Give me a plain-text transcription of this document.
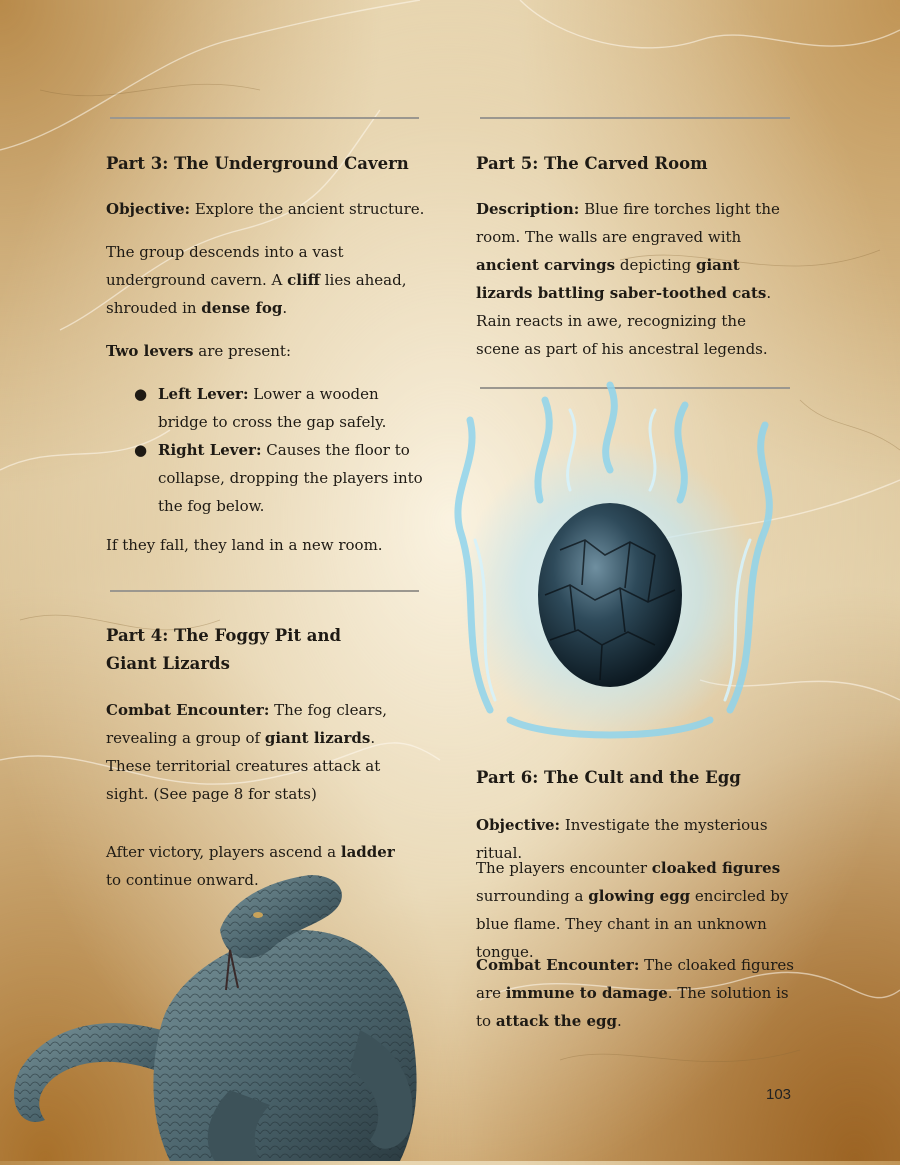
Part 3: The Underground Cavern

Objective: Explore the ancient structure.

The group descends into a vast underground cavern. A cliff lies ahead, shrouded in dense fog.

Two levers are present:

● Left Lever: Lower a wooden bridge to cross the gap safely.
● Right Lever: Causes the floor to collapse, dropping the players into the fog below.

If they fall, they land in a new room.

Part 4: The Foggy Pit and Giant Lizards

Combat Encounter: The fog clears, revealing a group of giant lizards. These territorial creatures attack at sight. (See page 8 for stats)

After victory, players ascend a ladder to continue onward.

Part 5: The Carved Room

Description: Blue fire torches light the room. The walls are engraved with ancient carvings depicting giant lizards battling saber-toothed cats. Rain reacts in awe, recognizing the scene as part of his ancestral legends.

Part 6: The Cult and the Egg

Objective: Investigate the mysterious ritual.

The players encounter cloaked figures surrounding a glowing egg encircled by blue flame. They chant in an unknown tongue.

Combat Encounter: The cloaked figures are immune to damage. The solution is to attack the egg.

103
